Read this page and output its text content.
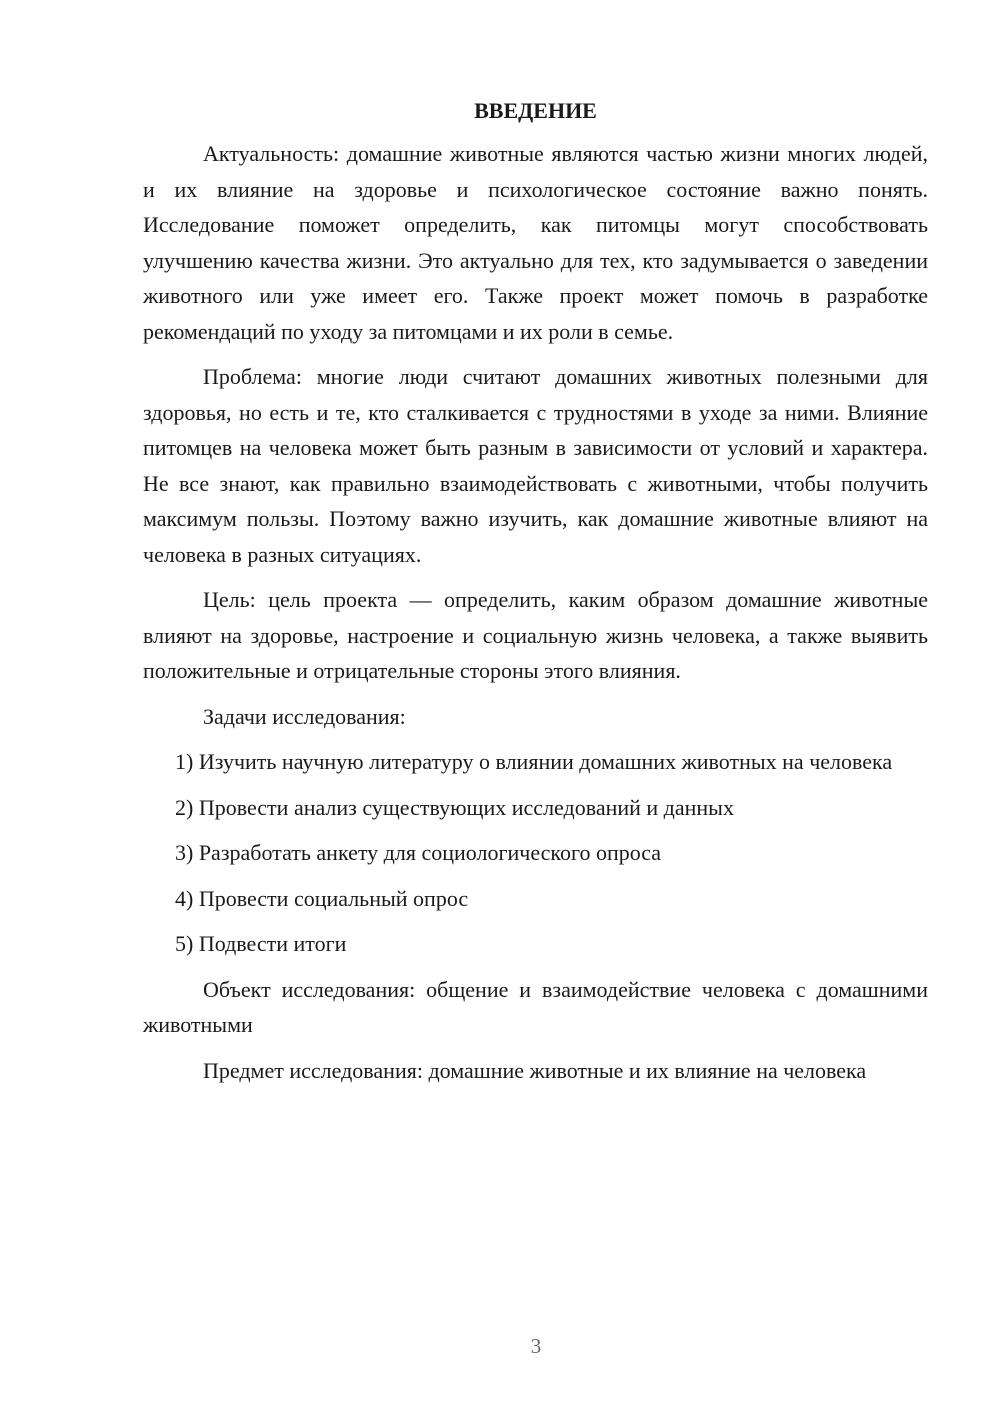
ВВЕДЕНИЕ

Актуальность: домашние животные являются частью жизни многих людей, и их влияние на здоровье и психологическое состояние важно понять. Исследование поможет определить, как питомцы могут способствовать улучшению качества жизни. Это актуально для тех, кто задумывается о заведении животного или уже имеет его. Также проект может помочь в разработке рекомендаций по уходу за питомцами и их роли в семье.

Проблема: многие люди считают домашних животных полезными для здоровья, но есть и те, кто сталкивается с трудностями в уходе за ними. Влияние питомцев на человека может быть разным в зависимости от условий и характера. Не все знают, как правильно взаимодействовать с животными, чтобы получить максимум пользы. Поэтому важно изучить, как домашние животные влияют на человека в разных ситуациях.

Цель: цель проекта — определить, каким образом домашние животные влияют на здоровье, настроение и социальную жизнь человека, а также выявить положительные и отрицательные стороны этого влияния.

Задачи исследования:

1) Изучить научную литературу о влиянии домашних животных на человека

2) Провести анализ существующих исследований и данных

3) Разработать анкету для социологического опроса

4) Провести социальный опрос

5) Подвести итоги

Объект исследования: общение и взаимодействие человека с домашними животными

Предмет исследования: домашние животные и их влияние на человека

3
